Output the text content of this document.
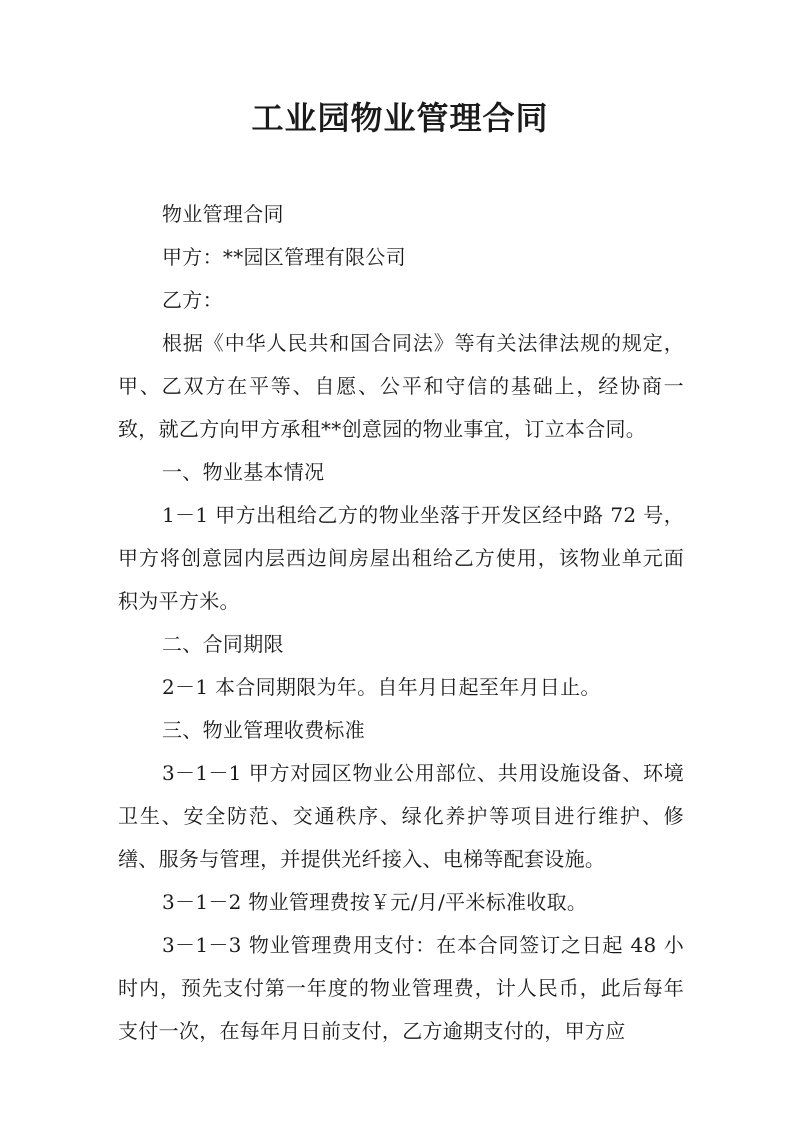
工业园物业管理合同

物业管理合同

甲方：**园区管理有限公司

乙方：

根据《中华人民共和国合同法》等有关法律法规的规定，甲、乙双方在平等、自愿、公平和守信的基础上，经协商一致，就乙方向甲方承租**创意园的物业事宜，订立本合同。

一、物业基本情况

1－1 甲方出租给乙方的物业坐落于开发区经中路 72 号，甲方将创意园内层西边间房屋出租给乙方使用，该物业单元面积为平方米。

二、合同期限

2－1 本合同期限为年。自年月日起至年月日止。

三、物业管理收费标准

3－1－1 甲方对园区物业公用部位、共用设施设备、环境卫生、安全防范、交通秩序、绿化养护等项目进行维护、修缮、服务与管理，并提供光纤接入、电梯等配套设施。

3－1－2 物业管理费按￥元/月/平米标准收取。

3－1－3 物业管理费用支付：在本合同签订之日起 48 小时内，预先支付第一年度的物业管理费，计人民币，此后每年支付一次，在每年月日前支付，乙方逾期支付的，甲方应
